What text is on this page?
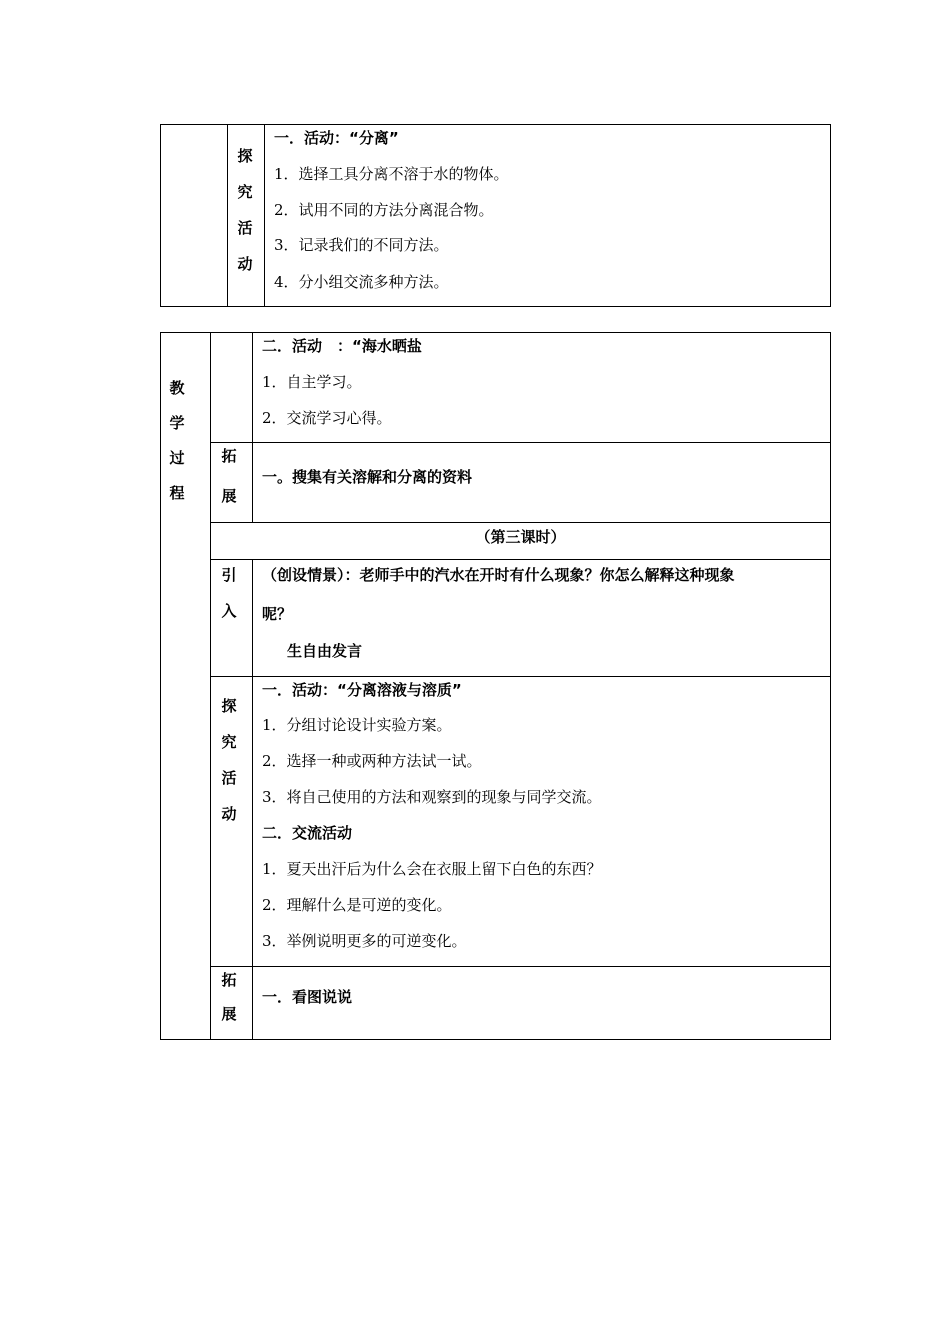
探
究
活
动
一．活动：“分离”
1．选择工具分离不溶于水的物体。
2．试用不同的方法分离混合物。
3．记录我们的不同方法。
4．分小组交流多种方法。
教
学
过
程
二．活动　：“海水晒盐
1．自主学习。
2．交流学习心得。
拓
展
一。搜集有关溶解和分离的资料
（第三课时）
引
入
（创设情景）：老师手中的汽水在开时有什么现象？你怎么解释这种现象
呢？
生自由发言
探
究
活
动
一．活动：“分离溶液与溶质”
1．分组讨论设计实验方案。
2．选择一种或两种方法试一试。
3．将自己使用的方法和观察到的现象与同学交流。
二．交流活动
1．夏天出汗后为什么会在衣服上留下白色的东西？
2．理解什么是可逆的变化。
3．举例说明更多的可逆变化。
拓
展
一．看图说说
